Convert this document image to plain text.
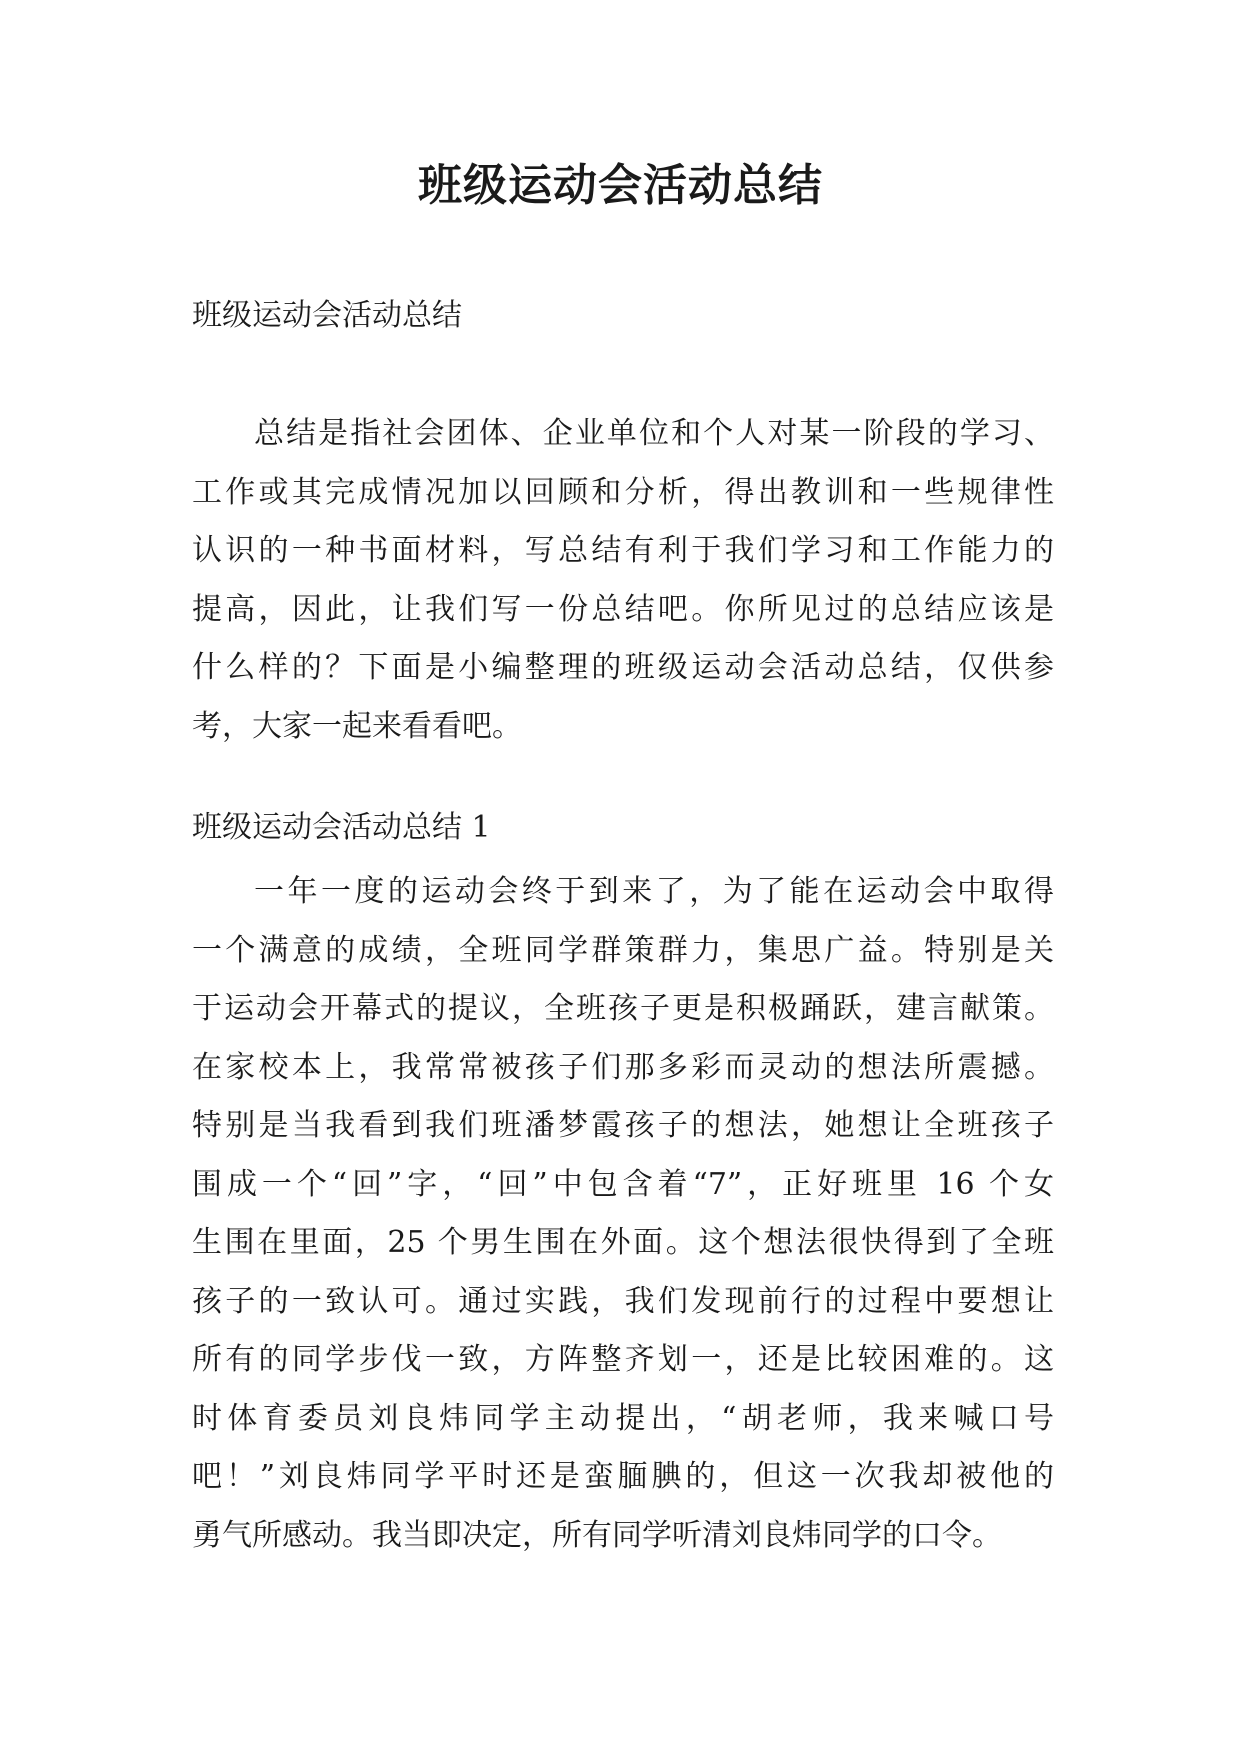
班级运动会活动总结

班级运动会活动总结

总结是指社会团体、企业单位和个人对某一阶段的学习、
工作或其完成情况加以回顾和分析，得出教训和一些规律性
认识的一种书面材料，写总结有利于我们学习和工作能力的
提高，因此，让我们写一份总结吧。你所见过的总结应该是
什么样的？下面是小编整理的班级运动会活动总结，仅供参
考，大家一起来看看吧。

班级运动会活动总结 1

一年一度的运动会终于到来了，为了能在运动会中取得
一个满意的成绩，全班同学群策群力，集思广益。特别是关
于运动会开幕式的提议，全班孩子更是积极踊跃，建言献策。
在家校本上，我常常被孩子们那多彩而灵动的想法所震撼。
特别是当我看到我们班潘梦霞孩子的想法，她想让全班孩子
围成一个“回”字，“回”中包含着“7”，正好班里 16 个女
生围在里面，25 个男生围在外面。这个想法很快得到了全班
孩子的一致认可。通过实践，我们发现前行的过程中要想让
所有的同学步伐一致，方阵整齐划一，还是比较困难的。这
时体育委员刘良炜同学主动提出，“胡老师，我来喊口号
吧！”刘良炜同学平时还是蛮腼腆的，但这一次我却被他的
勇气所感动。我当即决定，所有同学听清刘良炜同学的口令。
